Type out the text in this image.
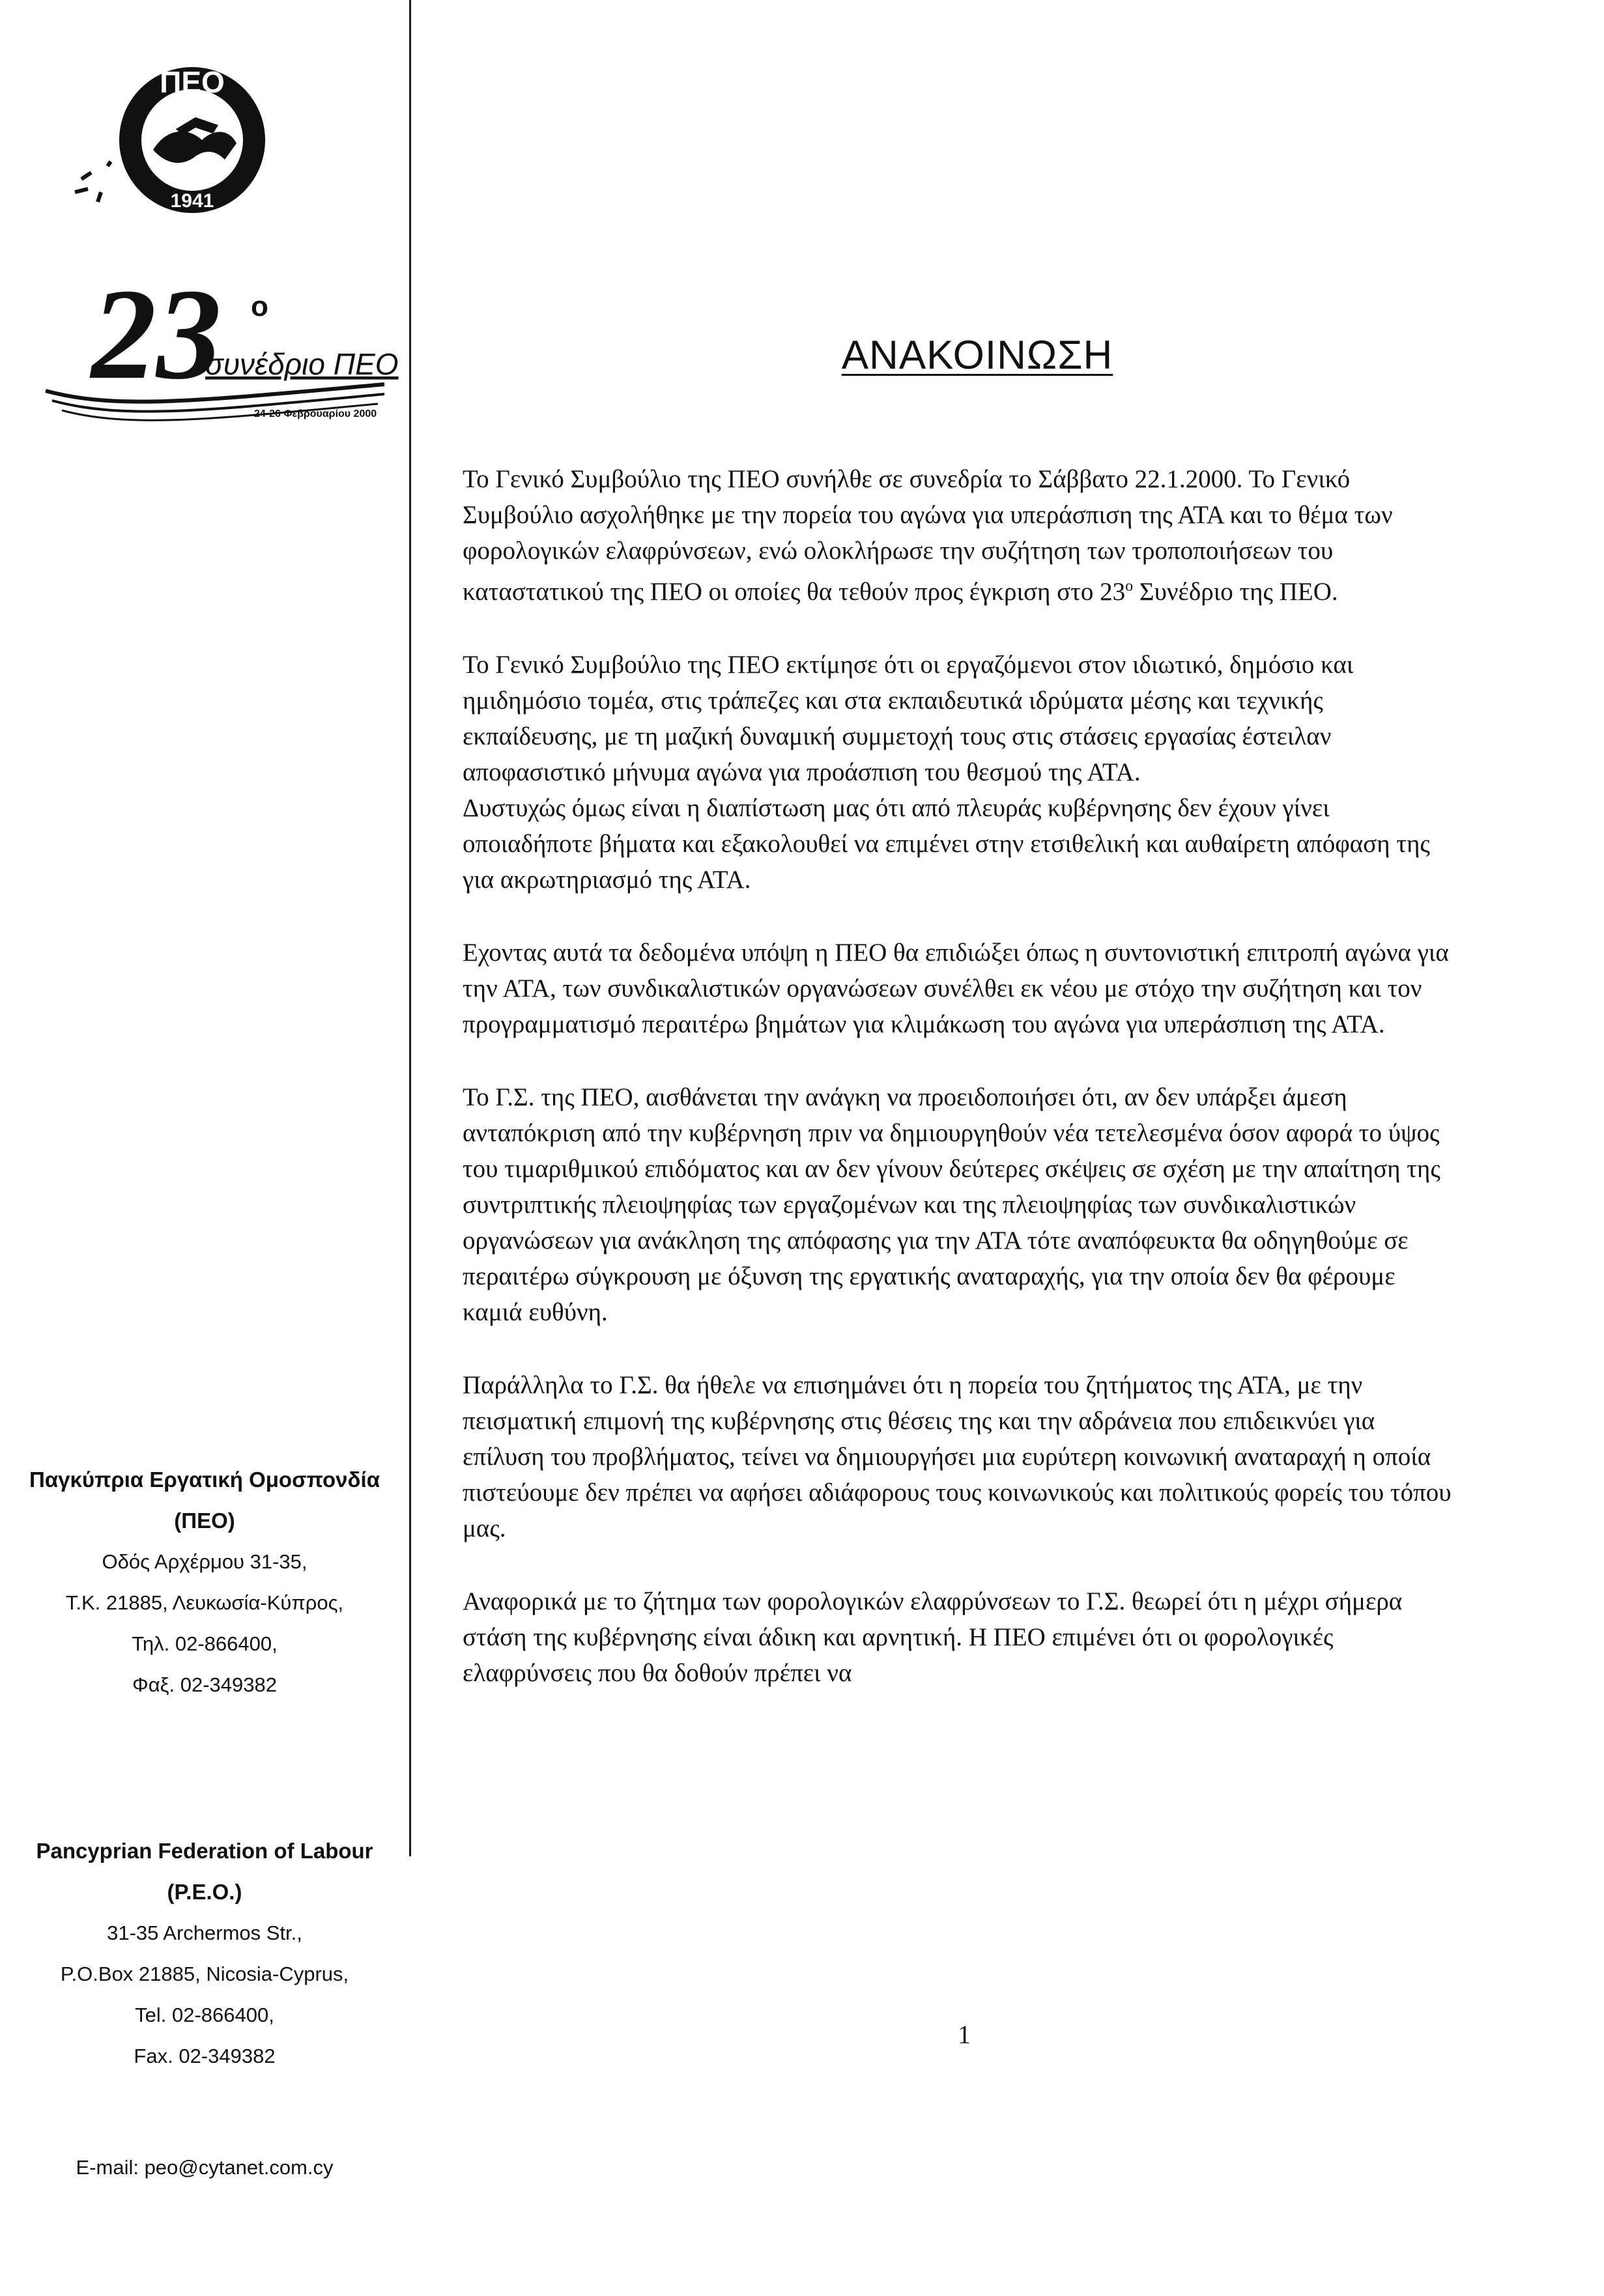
ΠΕΟ
1941
23 ο
συνέδριο ΠΕΟ
24-26 Φεβρουαρίου 2000
Παγκύπρια Εργατική Ομοσπονδία
(ΠΕΟ)
Οδός Αρχέρμου 31-35,
Τ.Κ. 21885, Λευκωσία-Κύπρος,
Τηλ. 02-866400,
Φαξ. 02-349382
Pancyprian Federation of Labour
(P.E.O.)
31-35 Archermos Str.,
P.O.Box 21885, Nicosia-Cyprus,
Tel. 02-866400,
Fax. 02-349382
E-mail: peo@cytanet.com.cy
ΑΝΑΚΟΙΝΩΣΗ

Το Γενικό Συμβούλιο της ΠΕΟ συνήλθε σε συνεδρία το Σάββατο 22.1.2000. Το Γενικό Συμβούλιο ασχολήθηκε με την πορεία του αγώνα για υπεράσπιση της ΑΤΑ και το θέμα των φορολογικών ελαφρύνσεων, ενώ ολοκλήρωσε την συζήτηση των τροποποιήσεων του καταστατικού της ΠΕΟ οι οποίες θα τεθούν προς έγκριση στο $23^o$ Συνέδριο της ΠΕΟ.

Το Γενικό Συμβούλιο της ΠΕΟ εκτίμησε ότι οι εργαζόμενοι στον ιδιωτικό, δημόσιο και ημιδημόσιο τομέα, στις τράπεζες και στα εκπαιδευτικά ιδρύματα μέσης και τεχνικής εκπαίδευσης, με τη μαζική δυναμική συμμετοχή τους στις στάσεις εργασίας έστειλαν αποφασιστικό μήνυμα αγώνα για προάσπιση του θεσμού της ΑΤΑ.

Δυστυχώς όμως είναι η διαπίστωση μας ότι από πλευράς κυβέρνησης δεν έχουν γίνει οποιαδήποτε βήματα και εξακολουθεί να επιμένει στην ετσιθελική και αυθαίρετη απόφαση της για ακρωτηριασμό της ΑΤΑ.

Εχοντας αυτά τα δεδομένα υπόψη η ΠΕΟ θα επιδιώξει όπως η συντονιστική επιτροπή αγώνα για την ΑΤΑ, των συνδικαλιστικών οργανώσεων συνέλθει εκ νέου με στόχο την συζήτηση και τον προγραμματισμό περαιτέρω βημάτων για κλιμάκωση του αγώνα για υπεράσπιση της ΑΤΑ.

Το Γ.Σ. της ΠΕΟ, αισθάνεται την ανάγκη να προειδοποιήσει ότι, αν δεν υπάρξει άμεση ανταπόκριση από την κυβέρνηση πριν να δημιουργηθούν νέα τετελεσμένα όσον αφορά το ύψος του τιμαριθμικού επιδόματος και αν δεν γίνουν δεύτερες σκέψεις σε σχέση με την απαίτηση της συντριπτικής πλειοψηφίας των εργαζομένων και της πλειοψηφίας των συνδικαλιστικών οργανώσεων για ανάκληση της απόφασης για την ΑΤΑ τότε αναπόφευκτα θα οδηγηθούμε σε περαιτέρω σύγκρουση με όξυνση της εργατικής αναταραχής, για την οποία δεν θα φέρουμε καμιά ευθύνη.

Παράλληλα το Γ.Σ. θα ήθελε να επισημάνει ότι η πορεία του ζητήματος της ΑΤΑ, με την πεισματική επιμονή της κυβέρνησης στις θέσεις της και την αδράνεια που επιδεικνύει για επίλυση του προβλήματος, τείνει να δημιουργήσει μια ευρύτερη κοινωνική αναταραχή η οποία πιστεύουμε δεν πρέπει να αφήσει αδιάφορους τους κοινωνικούς και πολιτικούς φορείς του τόπου μας.

Αναφορικά με το ζήτημα των φορολογικών ελαφρύνσεων το Γ.Σ. θεωρεί ότι η μέχρι σήμερα στάση της κυβέρνησης είναι άδικη και αρνητική. Η ΠΕΟ επιμένει ότι οι φορολογικές ελαφρύνσεις που θα δοθούν πρέπει να

1
